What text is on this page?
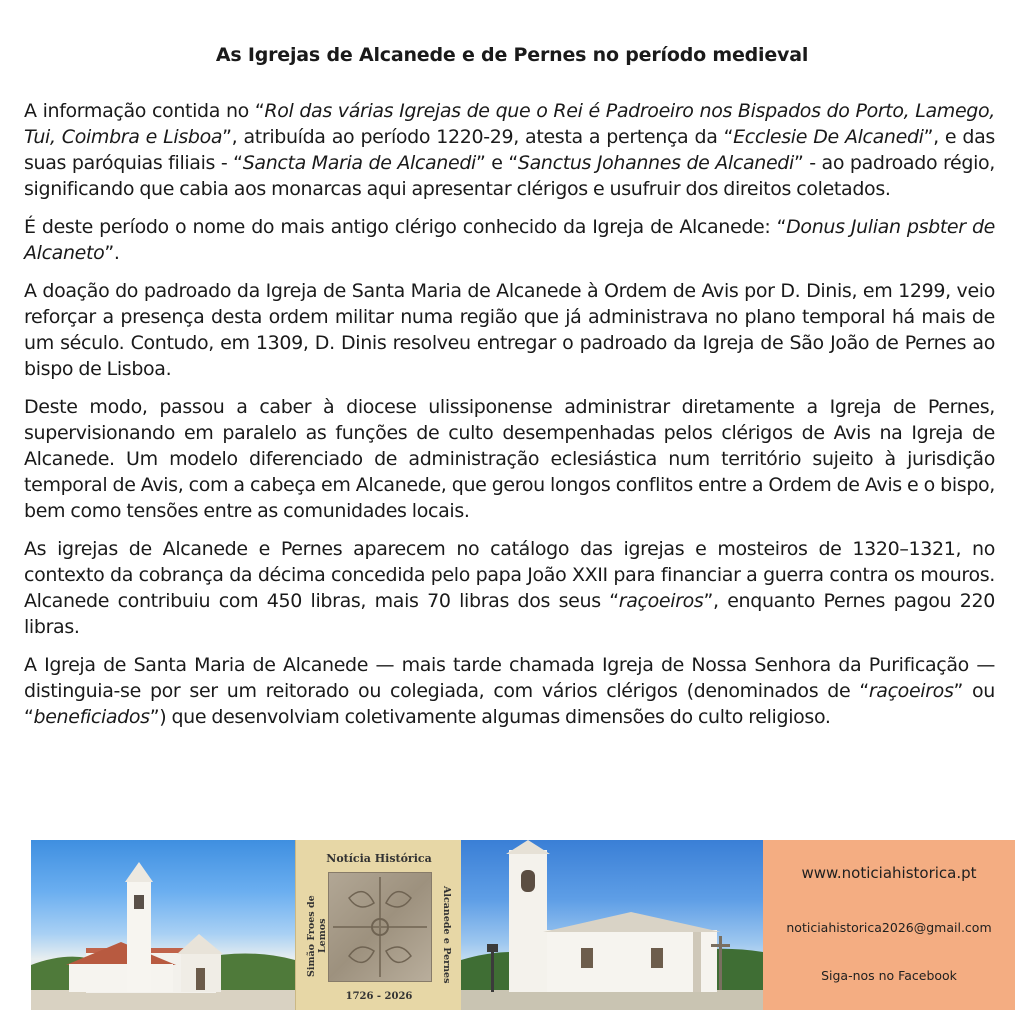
As Igrejas de Alcanede e de Pernes no período medieval

A informação contida no “Rol das várias Igrejas de que o Rei é Padroeiro nos Bispados do Porto, Lamego, Tui, Coimbra e Lisboa”, atribuída ao período 1220-29, atesta a pertença da “Ecclesie De Alcanedi”, e das suas paróquias filiais - “Sancta Maria de Alcanedi” e “Sanctus Johannes de Alcanedi” - ao padroado régio, significando que cabia aos monarcas aqui apresentar clérigos e usufruir dos direitos coletados.

É deste período o nome do mais antigo clérigo conhecido da Igreja de Alcanede: “Donus Julian psbter de Alcaneto”.

A doação do padroado da Igreja de Santa Maria de Alcanede à Ordem de Avis por D. Dinis, em 1299, veio reforçar a presença desta ordem militar numa região que já administrava no plano temporal há mais de um século. Contudo, em 1309, D. Dinis resolveu entregar o padroado da Igreja de São João de Pernes ao bispo de Lisboa.

Deste modo, passou a caber à diocese ulissiponense administrar diretamente a Igreja de Pernes, supervisionando em paralelo as funções de culto desempenhadas pelos clérigos de Avis na Igreja de Alcanede. Um modelo diferenciado de administração eclesiástica num território sujeito à jurisdição temporal de Avis, com a cabeça em Alcanede, que gerou longos conflitos entre a Ordem de Avis e o bispo, bem como tensões entre as comunidades locais.

As igrejas de Alcanede e Pernes aparecem no catálogo das igrejas e mosteiros de 1320–1321, no contexto da cobrança da décima concedida pelo papa João XXII para financiar a guerra contra os mouros. Alcanede contribuiu com 450 libras, mais 70 libras dos seus “raçoeiros”, enquanto Pernes pagou 220 libras.

A Igreja de Santa Maria de Alcanede — mais tarde chamada Igreja de Nossa Senhora da Purificação — distinguia-se por ser um reitorado ou colegiada, com vários clérigos (denominados de “raçoeiros” ou “beneficiados”) que desenvolviam coletivamente algumas dimensões do culto religioso.

Notícia Histórica
Simão Froes de Lemos	Alcanede e Pernes
1726 - 2026
www.noticiahistorica.pt
noticiahistorica2026@gmail.com
Siga-nos no Facebook
